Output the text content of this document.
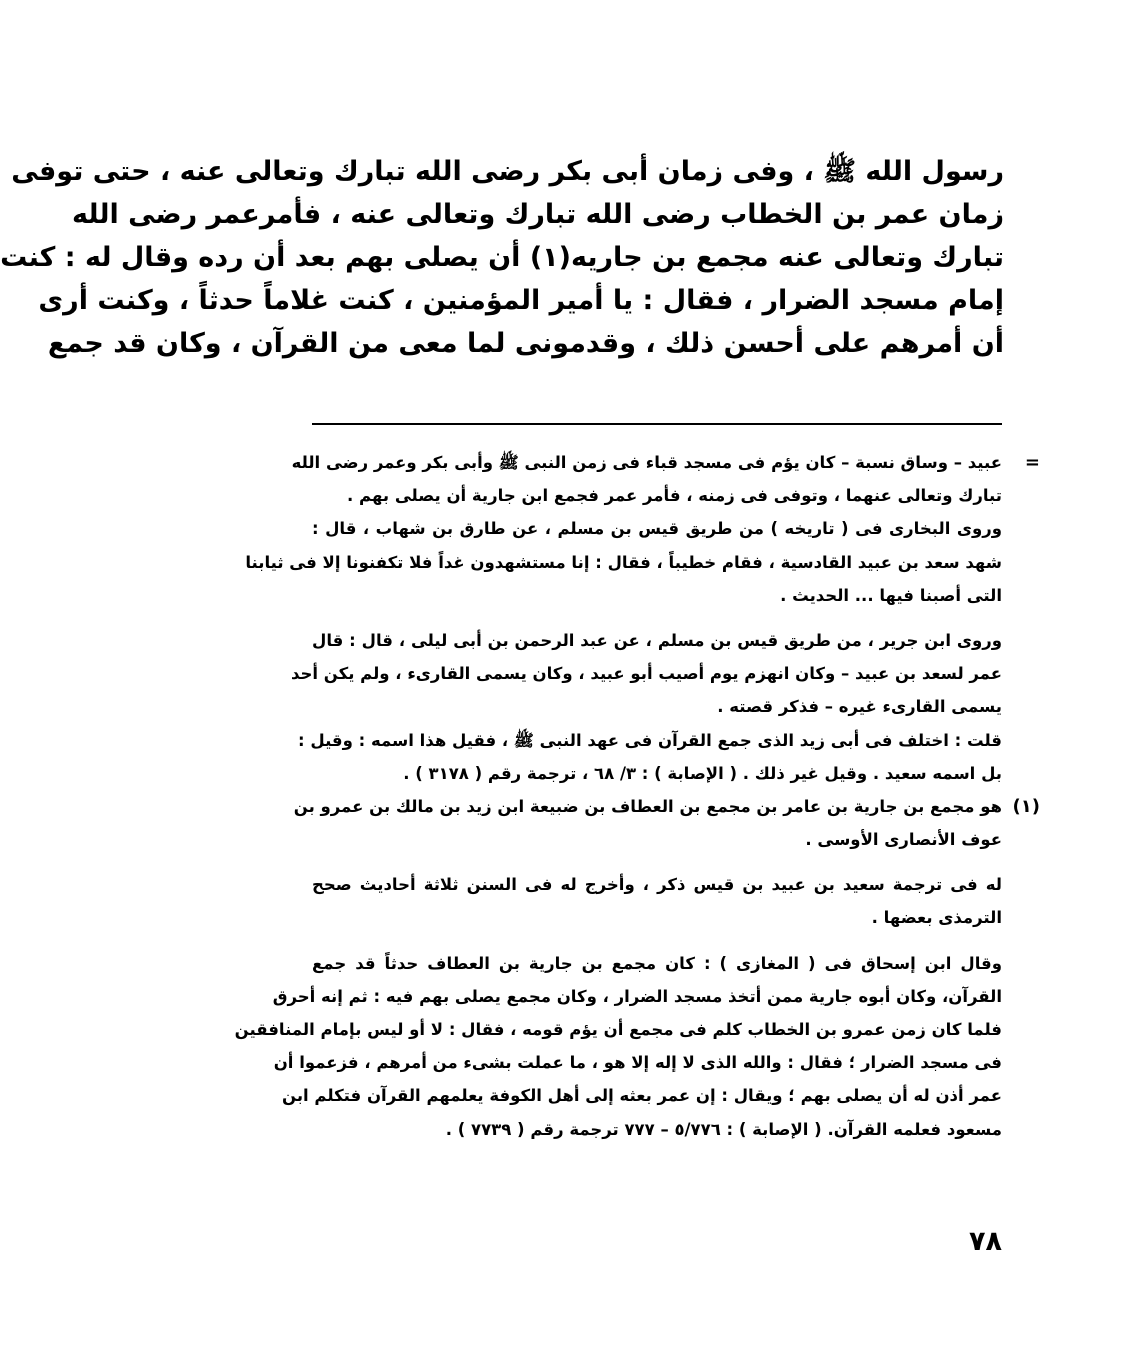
رسول الله ﷺ ، وفى زمان أبى بكر رضى الله تبارك وتعالى عنه ، حتى توفى
زمان عمر بن الخطاب رضى الله تبارك وتعالى عنه ، فأمرعمر رضى الله
تبارك وتعالى عنه مجمع بن جاريه(١) أن يصلى بهم بعد أن رده وقال له : كنت
إمام مسجد الضرار ، فقال : يا أمير المؤمنين ، كنت غلاماً حدثاً ، وكنت أرى
أن أمرهم على أحسن ذلك ، وقدمونى لما معى من القرآن ، وكان قد جمع
=
عبيد – وساق نسبة – كان يؤم فى مسجد قباء فى زمن النبى ﷺ وأبى بكر وعمر رضى الله
تبارك وتعالى عنهما ، وتوفى فى زمنه ، فأمر عمر فجمع ابن جارية أن يصلى بهم .
وروى البخارى فى ( تاريخه ) من طريق قيس بن مسلم ، عن طارق بن شهاب ، قال :
شهد سعد بن عبيد القادسية ، فقام خطيباً ، فقال : إنا مستشهدون غداً فلا تكفنونا إلا فى ثيابنا
التى أصبنا فيها ... الحديث .
وروى ابن جرير ، من طريق قيس بن مسلم ، عن عبد الرحمن بن أبى ليلى ، قال : قال
عمر لسعد بن عبيد – وكان انهزم يوم أصيب أبو عبيد ، وكان يسمى القارىء ، ولم يكن أحد
يسمى القارىء غيره – فذكر قصته .
قلت : اختلف فى أبى زيد الذى جمع القرآن فى عهد النبى ﷺ ، فقيل هذا اسمه : وقيل :
بل اسمه سعيد . وقيل غير ذلك . ( الإصابة ) : ٣/ ٦٨ ، ترجمة رقم ( ٣١٧٨ ) .
(١)
هو مجمع بن جارية بن عامر بن مجمع بن العطاف بن ضبيعة ابن زيد بن مالك بن عمرو بن
عوف الأنصارى الأوسى .
له فى ترجمة سعيد بن عبيد بن قيس ذكر ، وأخرج له فى السنن ثلاثة أحاديث صحح
الترمذى بعضها .
وقال ابن إسحاق فى ( المغازى ) : كان مجمع بن جارية بن العطاف حدثاً قد جمع
القرآن، وكان أبوه جارية ممن أتخذ مسجد الضرار ، وكان مجمع يصلى بهم فيه : ثم إنه أحرق
فلما كان زمن عمرو بن الخطاب كلم فى مجمع أن يؤم قومه ، فقال : لا أو ليس بإمام المنافقين
فى مسجد الضرار ؛ فقال : والله الذى لا إله إلا هو ، ما عملت بشىء من أمرهم ، فزعموا أن
عمر أذن له أن يصلى بهم ؛ ويقال : إن عمر بعثه إلى أهل الكوفة يعلمهم القرآن فتكلم ابن
مسعود فعلمه القرآن. ( الإصابة ) : ٥/٧٧٦ – ٧٧٧ ترجمة رقم ( ٧٧٣٩ ) .
٧٨
